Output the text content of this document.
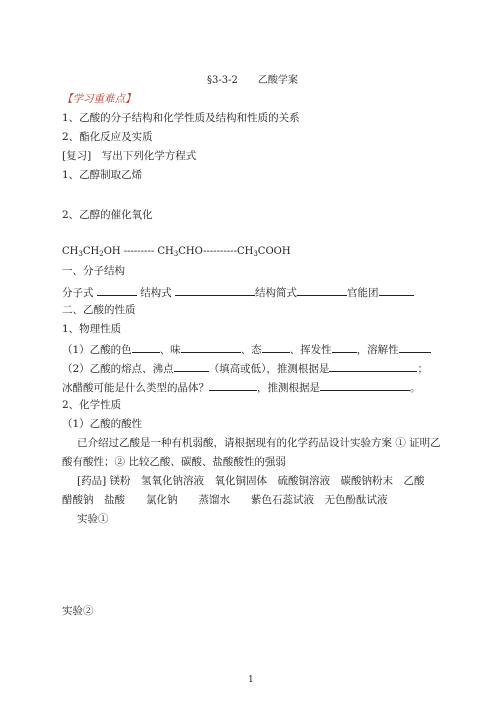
§3-3-2　　乙酸学案
【学习重难点】
1、乙酸的分子结构和化学性质及结构和性质的关系
2、酯化反应及实质
[复习]　写出下列化学方程式
1、乙醇制取乙烯
2、乙醇的催化氧化
$CH_3CH_2OH$ --------- $CH_3CHO----------CH_3COOH$
一、分子结构
分子式	结构式	结构简式	官能团
二、乙酸的性质
1、物理性质
（1）乙酸的色	、味	、态	、挥发性 ，溶解性
（2）乙酸的熔点、沸点	（填高或低），推测根据是	；
冰醋酸可能是什么类型的晶体？	，推测根据是	。
2、化学性质
（1）乙酸的酸性
已介绍过乙酸是一种有机弱酸，请根据现有的化学药品设计实验方案 ① 证明乙
酸有酸性；② 比较乙酸、碳酸、盐酸酸性的强弱
[药品] 镁粉　氢氧化钠溶液　氧化铜固体　硫酸铜溶液　碳酸钠粉末　乙酸
醋酸钠　盐酸　　氯化钠　　蒸馏水　　紫色石蕊试液　无色酚酞试液
实验①
实验②
1
